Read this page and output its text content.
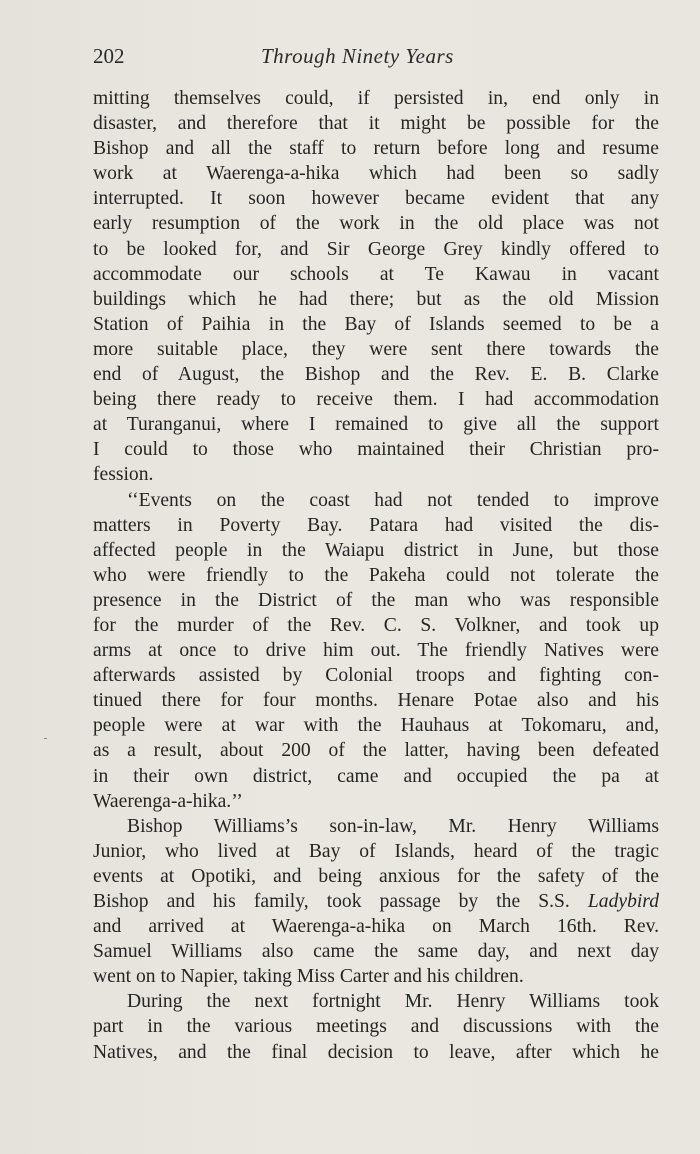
202	Through Ninety Years

mitting themselves could, if persisted in, end only in
disaster, and therefore that it might be possible for the
Bishop and all the staff to return before long and resume
work at Waerenga-a-hika which had been so sadly
interrupted. It soon however became evident that any
early resumption of the work in the old place was not
to be looked for, and Sir George Grey kindly offered to
accommodate our schools at Te Kawau in vacant
buildings which he had there; but as the old Mission
Station of Paihia in the Bay of Islands seemed to be a
more suitable place, they were sent there towards the
end of August, the Bishop and the Rev. E. B. Clarke
being there ready to receive them. I had accommodation
at Turanganui, where I remained to give all the support
I could to those who maintained their Christian pro-
fession.

‘‘Events on the coast had not tended to improve
matters in Poverty Bay. Patara had visited the dis-
affected people in the Waiapu district in June, but those
who were friendly to the Pakeha could not tolerate the
presence in the District of the man who was responsible
for the murder of the Rev. C. S. Volkner, and took up
arms at once to drive him out. The friendly Natives were
afterwards assisted by Colonial troops and fighting con-
tinued there for four months. Henare Potae also and his
people were at war with the Hauhaus at Tokomaru, and,
as a result, about 200 of the latter, having been defeated
in their own district, came and occupied the pa at
Waerenga-a-hika.’’

Bishop Williams’s son-in-law, Mr. Henry Williams
Junior, who lived at Bay of Islands, heard of the tragic
events at Opotiki, and being anxious for the safety of the
Bishop and his family, took passage by the S.S. Ladybird
and arrived at Waerenga-a-hika on March 16th. Rev.
Samuel Williams also came the same day, and next day
went on to Napier, taking Miss Carter and his children.

During the next fortnight Mr. Henry Williams took
part in the various meetings and discussions with the
Natives, and the final decision to leave, after which he
